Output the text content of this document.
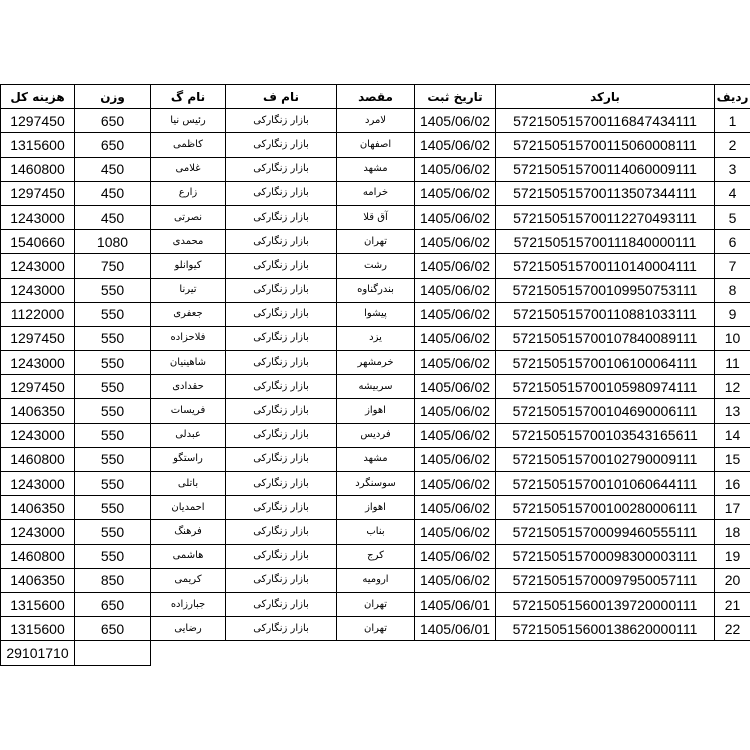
ردیف	بارکد	تاریخ ثبت	مقصد	نام ف	نام گ	وزن	هزینه کل
1	572150515700116847434111	1405/06/02	لامرد	بازار زنگارکی	رئیس نیا	650	1297450
2	572150515700115060008111	1405/06/02	اصفهان	بازار زنگارکی	کاظمی	650	1315600
3	572150515700114060009111	1405/06/02	مشهد	بازار زنگارکی	غلامی	450	1460800
4	572150515700113507344111	1405/06/02	خرامه	بازار زنگارکی	زارع	450	1297450
5	572150515700112270493111	1405/06/02	آق قلا	بازار زنگارکی	نصرتی	450	1243000
6	572150515700111840000111	1405/06/02	تهران	بازار زنگارکی	محمدی	1080	1540660
7	572150515700110140004111	1405/06/02	رشت	بازار زنگارکی	کیوانلو	750	1243000
8	572150515700109950753111	1405/06/02	بندرگناوه	بازار زنگارکی	تیرنا	550	1243000
9	572150515700110881033111	1405/06/02	پیشوا	بازار زنگارکی	جعفری	550	1122000
10	572150515700107840089111	1405/06/02	یزد	بازار زنگارکی	فلاحزاده	550	1297450
11	572150515700106100064111	1405/06/02	خرمشهر	بازار زنگارکی	شاهینیان	550	1243000
12	572150515700105980974111	1405/06/02	سربیشه	بازار زنگارکی	حقدادی	550	1297450
13	572150515700104690006111	1405/06/02	اهواز	بازار زنگارکی	فریسات	550	1406350
14	572150515700103543165611	1405/06/02	فردیس	بازار زنگارکی	عبدلی	550	1243000
15	572150515700102790009111	1405/06/02	مشهد	بازار زنگارکی	راستگو	550	1460800
16	572150515700101060644111	1405/06/02	سوسنگرد	بازار زنگارکی	باتلی	550	1243000
17	572150515700100280006111	1405/06/02	اهواز	بازار زنگارکی	احمدیان	550	1406350
18	572150515700099460555111	1405/06/02	بناب	بازار زنگارکی	فرهنگ	550	1243000
19	572150515700098300003111	1405/06/02	کرج	بازار زنگارکی	هاشمی	550	1460800
20	572150515700097950057111	1405/06/02	ارومیه	بازار زنگارکی	کریمی	850	1406350
21	572150515600139720000111	1405/06/01	تهران	بازار زنگارکی	جبارزاده	650	1315600
22	572150515600138620000111	1405/06/01	تهران	بازار زنگارکی	رضایی	650	1315600
							29101710
